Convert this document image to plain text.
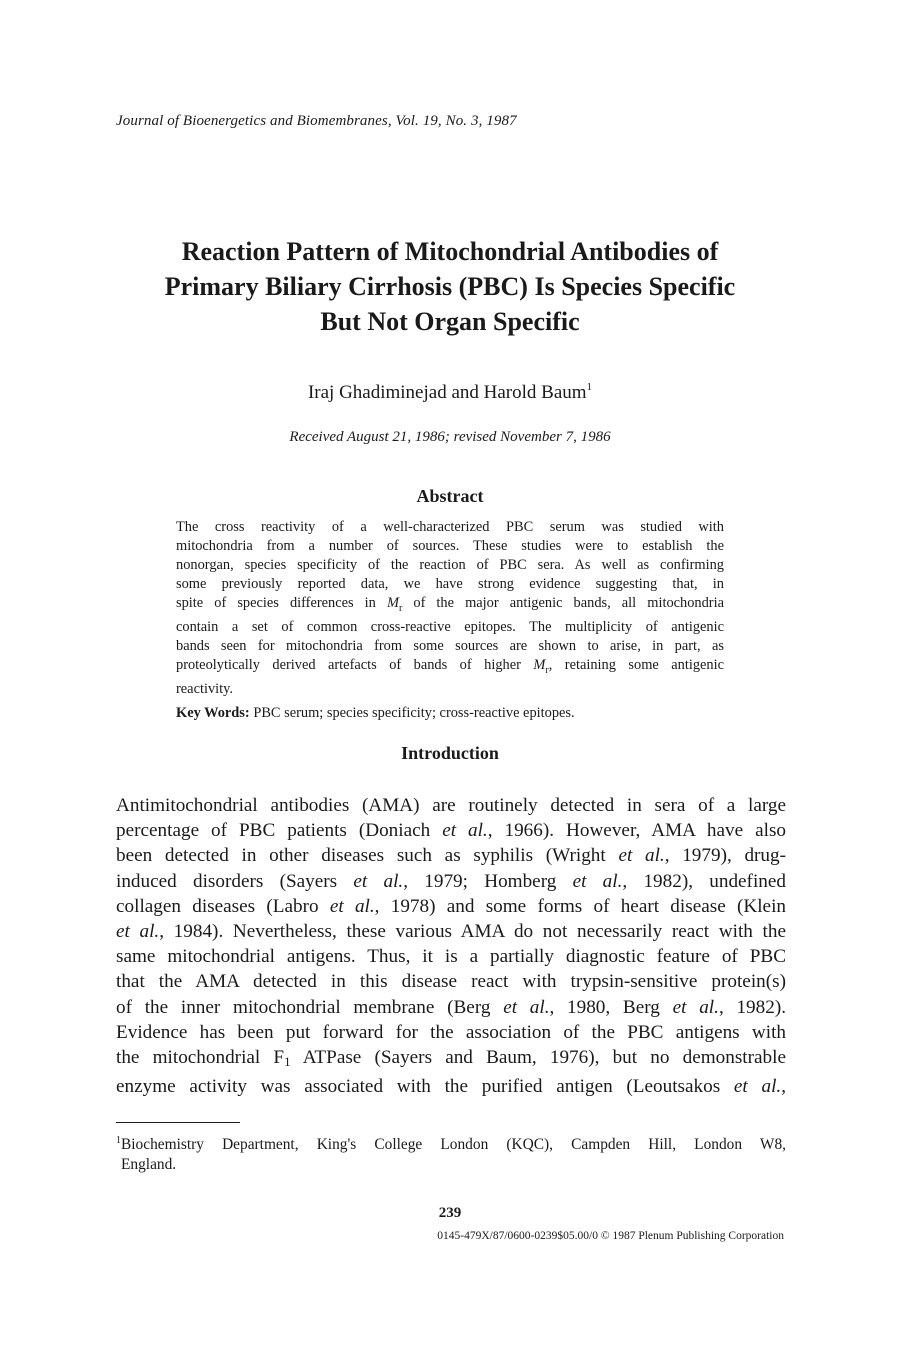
Journal of Bioenergetics and Biomembranes, Vol. 19, No. 3, 1987
Reaction Pattern of Mitochondrial Antibodies of
Primary Biliary Cirrhosis (PBC) Is Species Specific
But Not Organ Specific
Iraj Ghadiminejad and Harold Baum$^1$
Received August 21, 1986; revised November 7, 1986
Abstract
The cross reactivity of a well-characterized PBC serum was studied with
mitochondria from a number of sources. These studies were to establish the
nonorgan, species specificity of the reaction of PBC sera. As well as confirming
some previously reported data, we have strong evidence suggesting that, in
spite of species differences in $M_r$ of the major antigenic bands, all mitochondria
contain a set of common cross-reactive epitopes. The multiplicity of antigenic
bands seen for mitochondria from some sources are shown to arise, in part, as
proteolytically derived artefacts of bands of higher $M_r$, retaining some antigenic
reactivity.
Key Words: PBC serum; species specificity; cross-reactive epitopes.
Introduction
Antimitochondrial antibodies (AMA) are routinely detected in sera of a large
percentage of PBC patients (Doniach et al., 1966). However, AMA have also
been detected in other diseases such as syphilis (Wright et al., 1979), drug-
induced disorders (Sayers et al., 1979; Homberg et al., 1982), undefined
collagen diseases (Labro et al., 1978) and some forms of heart disease (Klein
et al., 1984). Nevertheless, these various AMA do not necessarily react with the
same mitochondrial antigens. Thus, it is a partially diagnostic feature of PBC
that the AMA detected in this disease react with trypsin-sensitive protein(s)
of the inner mitochondrial membrane (Berg et al., 1980, Berg et al., 1982).
Evidence has been put forward for the association of the PBC antigens with
the mitochondrial $F_1$ ATPase (Sayers and Baum, 1976), but no demonstrable
enzyme activity was associated with the purified antigen (Leoutsakos et al.,
$^1$Biochemistry Department, King's College London (KQC), Campden Hill, London W8,
England.
239
0145-479X/87/0600-0239$05.00/0 © 1987 Plenum Publishing Corporation
